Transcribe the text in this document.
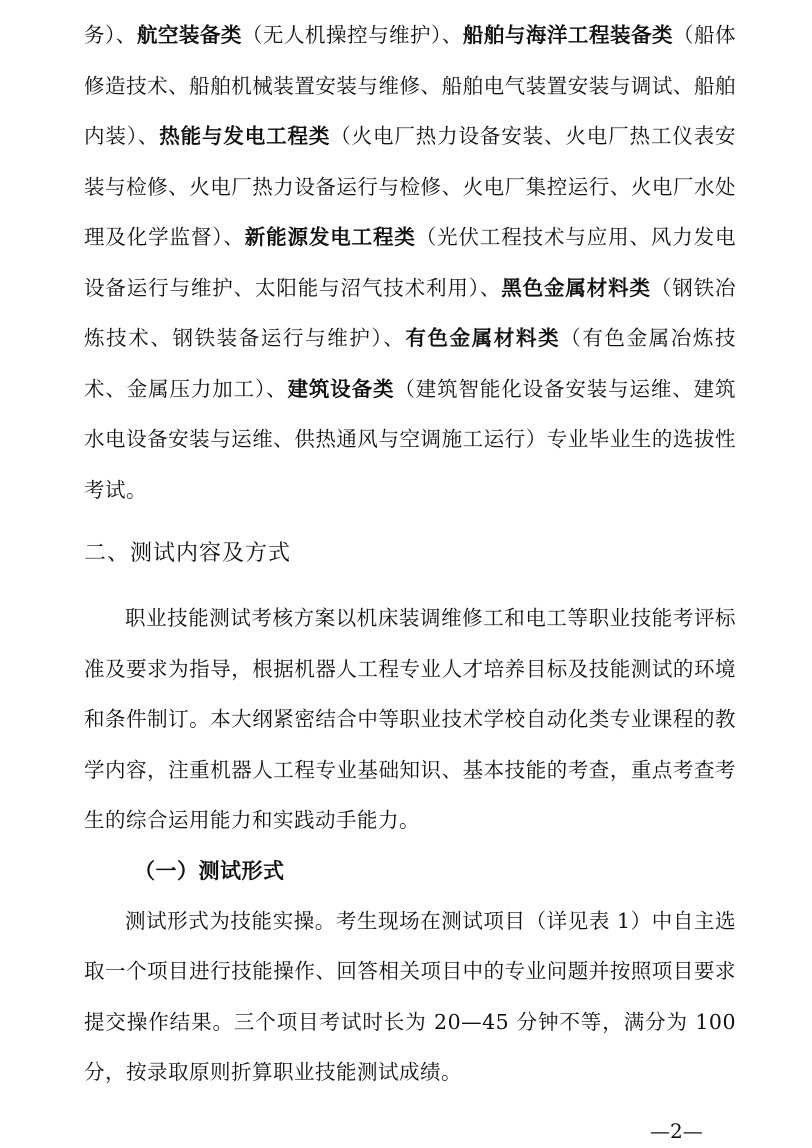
务）、航空装备类（无人机操控与维护）、船舶与海洋工程装备类（船体修造技术、船舶机械装置安装与维修、船舶电气装置安装与调试、船舶内装）、热能与发电工程类（火电厂热力设备安装、火电厂热工仪表安装与检修、火电厂热力设备运行与检修、火电厂集控运行、火电厂水处理及化学监督）、新能源发电工程类（光伏工程技术与应用、风力发电设备运行与维护、太阳能与沼气技术利用）、黑色金属材料类（钢铁冶炼技术、钢铁装备运行与维护）、有色金属材料类（有色金属冶炼技术、金属压力加工）、建筑设备类（建筑智能化设备安装与运维、建筑水电设备安装与运维、供热通风与空调施工运行）专业毕业生的选拔性考试。

二、测试内容及方式

职业技能测试考核方案以机床装调维修工和电工等职业技能考评标准及要求为指导，根据机器人工程专业人才培养目标及技能测试的环境和条件制订。本大纲紧密结合中等职业技术学校自动化类专业课程的教学内容，注重机器人工程专业基础知识、基本技能的考查，重点考查考生的综合运用能力和实践动手能力。

（一）测试形式

测试形式为技能实操。考生现场在测试项目（详见表 1）中自主选取一个项目进行技能操作、回答相关项目中的专业问题并按照项目要求提交操作结果。三个项目考试时长为 20—45 分钟不等，满分为 100 分，按录取原则折算职业技能测试成绩。

—2—
